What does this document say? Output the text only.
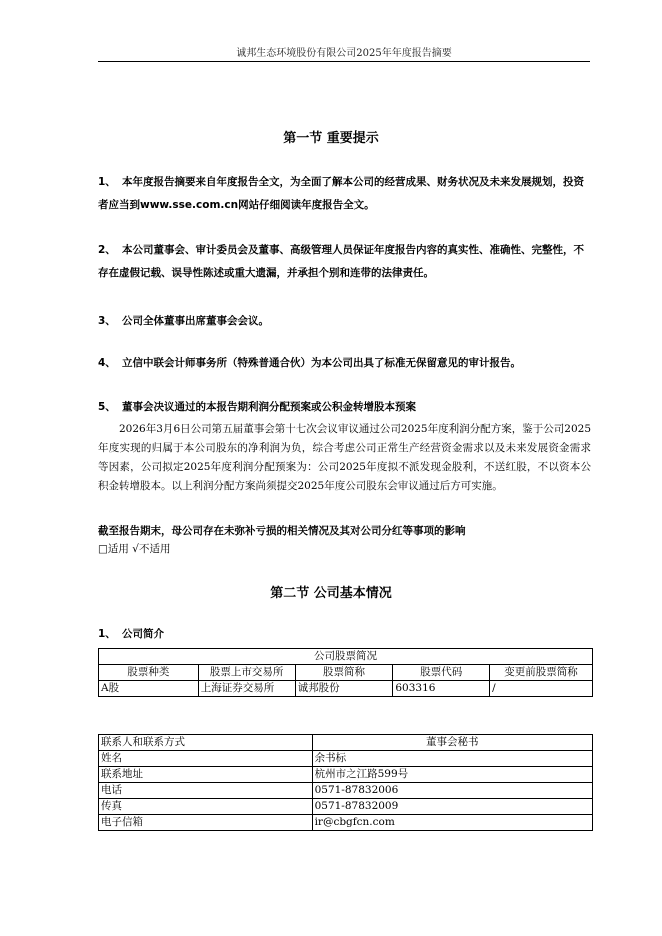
诚邦生态环境股份有限公司2025年年度报告摘要
第一节 重要提示
1、 本年度报告摘要来自年度报告全文，为全面了解本公司的经营成果、财务状况及未来发展规划，投资者应当到www.sse.com.cn网站仔细阅读年度报告全文。
2、 本公司董事会、审计委员会及董事、高级管理人员保证年度报告内容的真实性、准确性、完整性，不存在虚假记载、误导性陈述或重大遗漏，并承担个别和连带的法律责任。
3、 公司全体董事出席董事会会议。
4、 立信中联会计师事务所（特殊普通合伙）为本公司出具了标准无保留意见的审计报告。
5、 董事会决议通过的本报告期利润分配预案或公积金转增股本预案
2026年3月6日公司第五届董事会第十七次会议审议通过公司2025年度利润分配方案，鉴于公司2025年度实现的归属于本公司股东的净利润为负，综合考虑公司正常生产经营资金需求以及未来发展资金需求等因素，公司拟定2025年度利润分配预案为：公司2025年度拟不派发现金股利，不送红股，不以资本公积金转增股本。以上利润分配方案尚须提交2025年度公司股东会审议通过后方可实施。
截至报告期末，母公司存在未弥补亏损的相关情况及其对公司分红等事项的影响
□适用 √不适用
第二节 公司基本情况
1、 公司简介
公司股票简况				
股票种类	股票上市交易所	股票简称	股票代码	变更前股票简称
A股	上海证券交易所	诚邦股份	603316	/
联系人和联系方式	董事会秘书
姓名	余书标
联系地址	杭州市之江路599号
电话	0571-87832006
传真	0571-87832009
电子信箱	ir@cbgfcn.com
